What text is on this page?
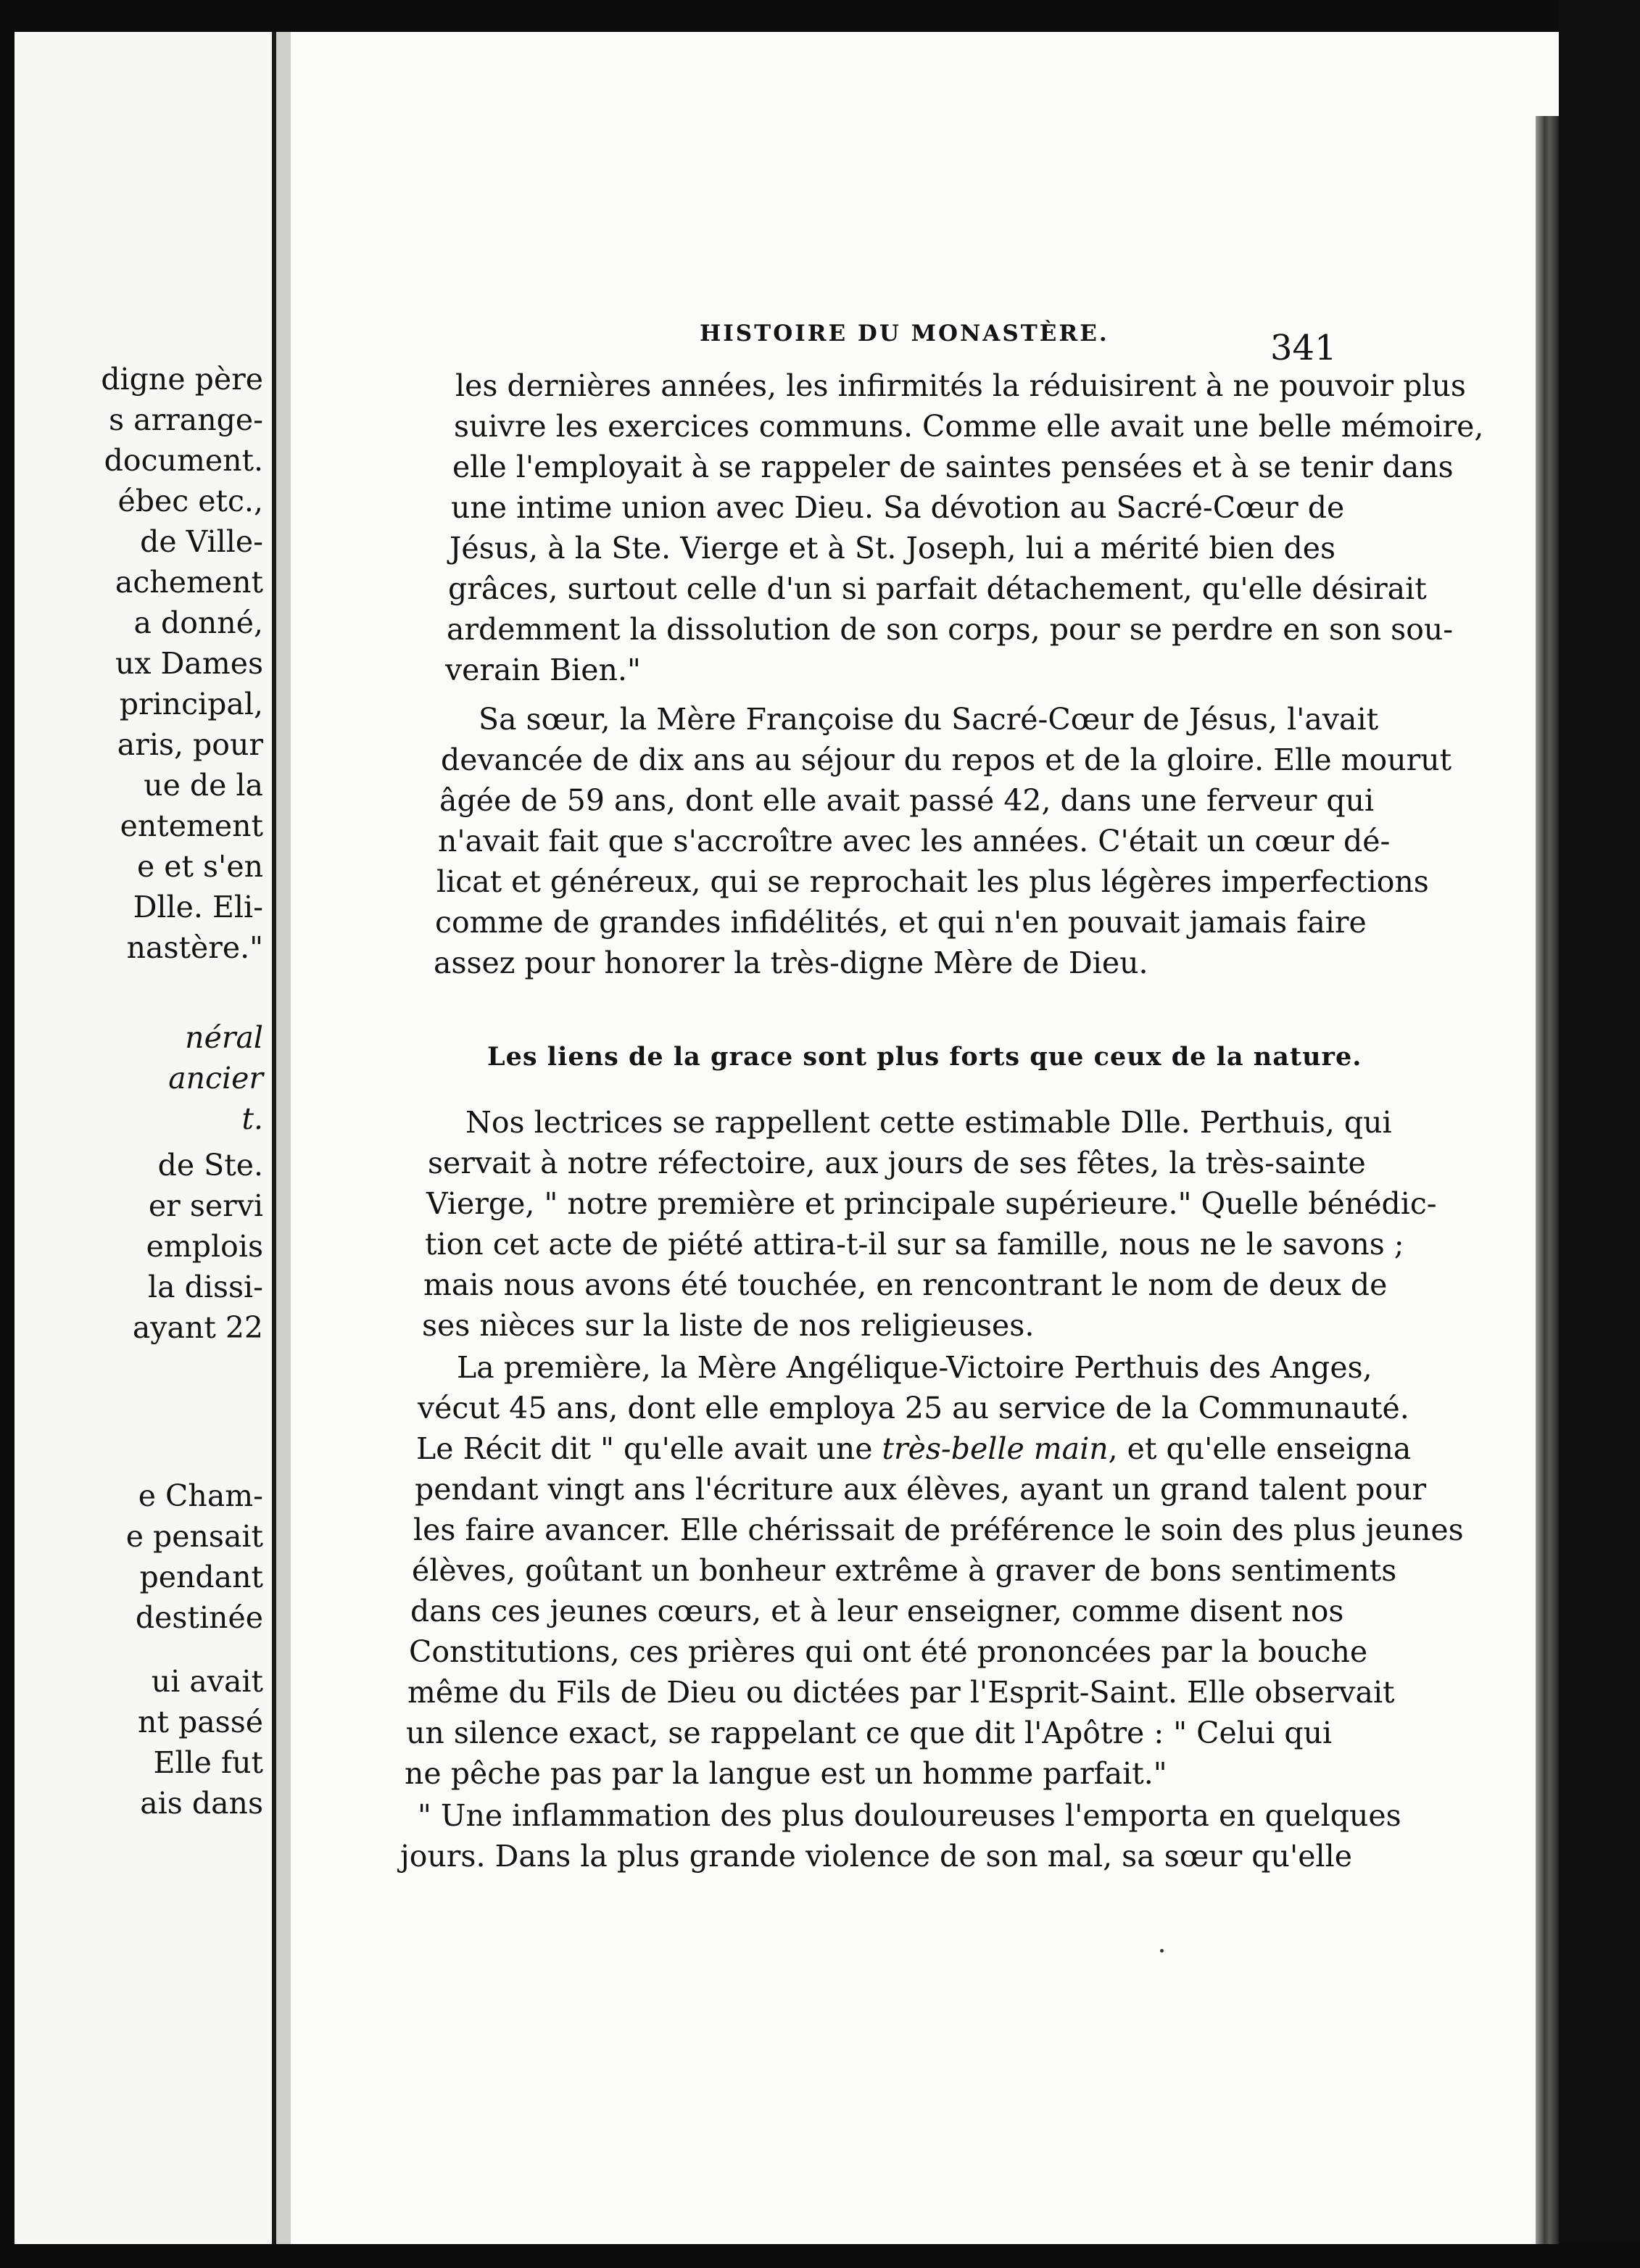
digne père
s arrange-
document.
ébec etc.,
de Ville-
achement
a donné,
ux Dames
principal,
aris, pour
ue de la
entement
e et s'en
Dlle. Eli-
nastère."
néral
ancier
t.
de Ste.
er servi
emplois
la dissi-
ayant 22
e Cham-
e pensait
pendant
destinée
ui avait
nt passé
Elle fut
ais dans
HISTOIRE DU MONASTÈRE.	341
les dernières années, les infirmités la réduisirent à ne pouvoir plus
suivre les exercices communs. Comme elle avait une belle mémoire,
elle l'employait à se rappeler de saintes pensées et à se tenir dans
une intime union avec Dieu. Sa dévotion au Sacré-Cœur de
Jésus, à la Ste. Vierge et à St. Joseph, lui a mérité bien des
grâces, surtout celle d'un si parfait détachement, qu'elle désirait
ardemment la dissolution de son corps, pour se perdre en son sou-
verain Bien."
Sa sœur, la Mère Françoise du Sacré-Cœur de Jésus, l'avait
devancée de dix ans au séjour du repos et de la gloire. Elle mourut
âgée de 59 ans, dont elle avait passé 42, dans une ferveur qui
n'avait fait que s'accroître avec les années. C'était un cœur dé-
licat et généreux, qui se reprochait les plus légères imperfections
comme de grandes infidélités, et qui n'en pouvait jamais faire
assez pour honorer la très-digne Mère de Dieu.
Les liens de la grace sont plus forts que ceux de la nature.
Nos lectrices se rappellent cette estimable Dlle. Perthuis, qui
servait à notre réfectoire, aux jours de ses fêtes, la très-sainte
Vierge, " notre première et principale supérieure." Quelle bénédic-
tion cet acte de piété attira-t-il sur sa famille, nous ne le savons ;
mais nous avons été touchée, en rencontrant le nom de deux de
ses nièces sur la liste de nos religieuses.
La première, la Mère Angélique-Victoire Perthuis des Anges,
vécut 45 ans, dont elle employa 25 au service de la Communauté.
Le Récit dit " qu'elle avait une très-belle main, et qu'elle enseigna
pendant vingt ans l'écriture aux élèves, ayant un grand talent pour
les faire avancer. Elle chérissait de préférence le soin des plus jeunes
élèves, goûtant un bonheur extrême à graver de bons sentiments
dans ces jeunes cœurs, et à leur enseigner, comme disent nos
Constitutions, ces prières qui ont été prononcées par la bouche
même du Fils de Dieu ou dictées par l'Esprit-Saint. Elle observait
un silence exact, se rappelant ce que dit l'Apôtre : " Celui qui
ne pêche pas par la langue est un homme parfait."
" Une inflammation des plus douloureuses l'emporta en quelques
jours. Dans la plus grande violence de son mal, sa sœur qu'elle
